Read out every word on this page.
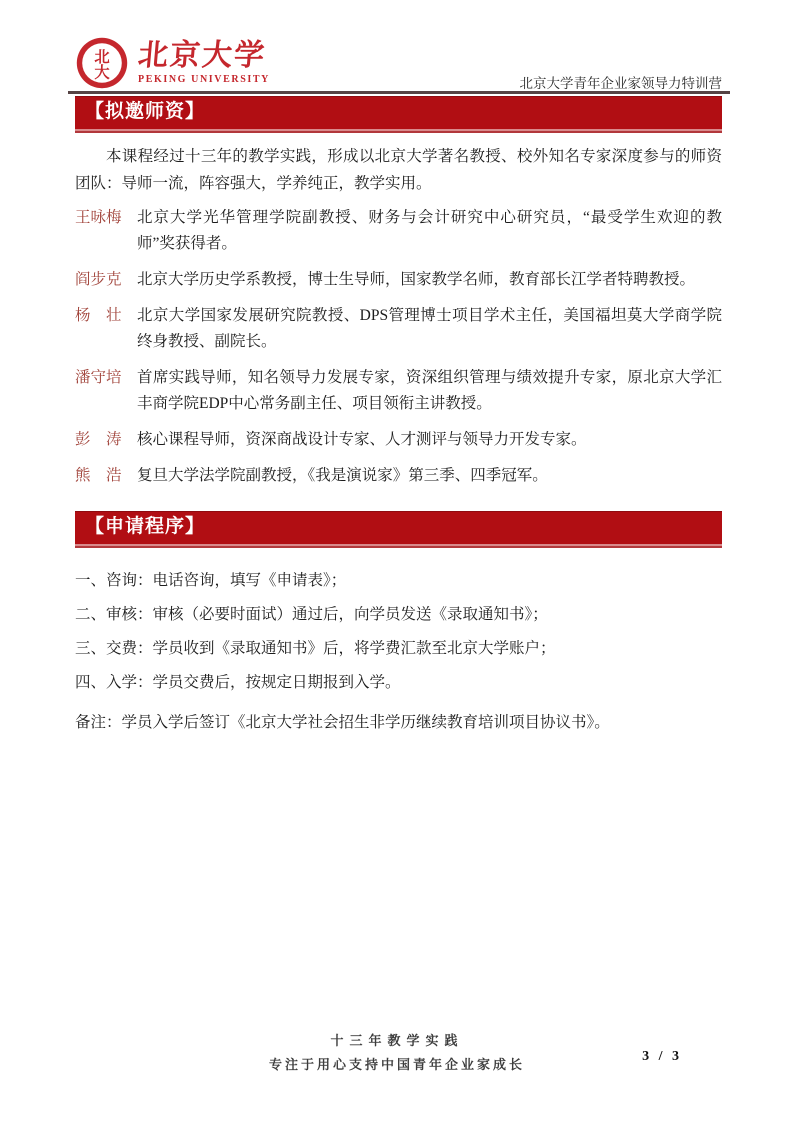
北
大 北京大学
PEKING UNIVERSITY	北京大学青年企业家领导力特训营
【拟邀师资】
本课程经过十三年的教学实践，形成以北京大学著名教授、校外知名专家深度参与的师资团队：导师一流，阵容强大，学养纯正，教学实用。
王咏梅 北京大学光华管理学院副教授、财务与会计研究中心研究员，“最受学生欢迎的教师”奖获得者。
阎步克 北京大学历史学系教授，博士生导师，国家教学名师，教育部长江学者特聘教授。
杨　壮 北京大学国家发展研究院教授、DPS管理博士项目学术主任，美国福坦莫大学商学院终身教授、副院长。
潘守培 首席实践导师，知名领导力发展专家，资深组织管理与绩效提升专家，原北京大学汇丰商学院EDP中心常务副主任、项目领衔主讲教授。
彭　涛 核心课程导师，资深商战设计专家、人才测评与领导力开发专家。
熊　浩 复旦大学法学院副教授，《我是演说家》第三季、四季冠军。
【申请程序】
一、咨询：电话咨询，填写《申请表》；
二、审核：审核（必要时面试）通过后，向学员发送《录取通知书》；
三、交费：学员收到《录取通知书》后，将学费汇款至北京大学账户；
四、入学：学员交费后，按规定日期报到入学。
备注：学员入学后签订《北京大学社会招生非学历继续教育培训项目协议书》。
十三年教学实践
专注于用心支持中国青年企业家成长
3 / 3
